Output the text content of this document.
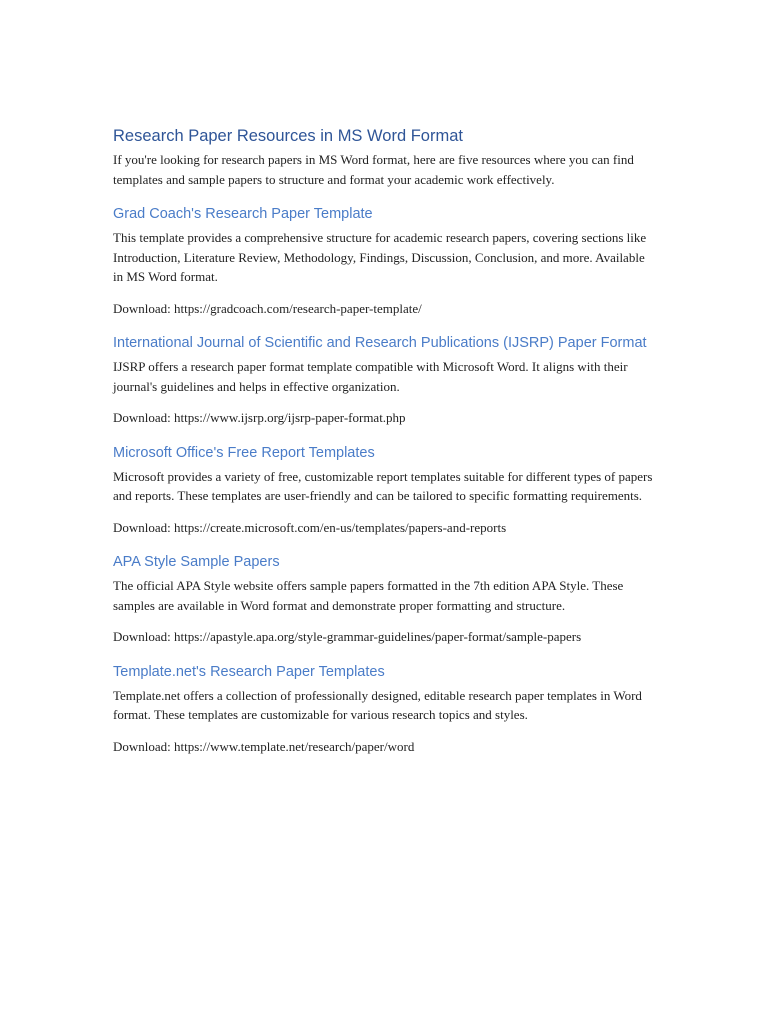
Research Paper Resources in MS Word Format

If you're looking for research papers in MS Word format, here are five resources where you can find templates and sample papers to structure and format your academic work effectively.

Grad Coach's Research Paper Template

This template provides a comprehensive structure for academic research papers, covering sections like Introduction, Literature Review, Methodology, Findings, Discussion, Conclusion, and more. Available in MS Word format.

Download: https://gradcoach.com/research-paper-template/

International Journal of Scientific and Research Publications (IJSRP) Paper Format

IJSRP offers a research paper format template compatible with Microsoft Word. It aligns with their journal's guidelines and helps in effective organization.

Download: https://www.ijsrp.org/ijsrp-paper-format.php

Microsoft Office's Free Report Templates

Microsoft provides a variety of free, customizable report templates suitable for different types of papers and reports. These templates are user-friendly and can be tailored to specific formatting requirements.

Download: https://create.microsoft.com/en-us/templates/papers-and-reports

APA Style Sample Papers

The official APA Style website offers sample papers formatted in the 7th edition APA Style. These samples are available in Word format and demonstrate proper formatting and structure.

Download: https://apastyle.apa.org/style-grammar-guidelines/paper-format/sample-papers

Template.net's Research Paper Templates

Template.net offers a collection of professionally designed, editable research paper templates in Word format. These templates are customizable for various research topics and styles.

Download: https://www.template.net/research/paper/word
